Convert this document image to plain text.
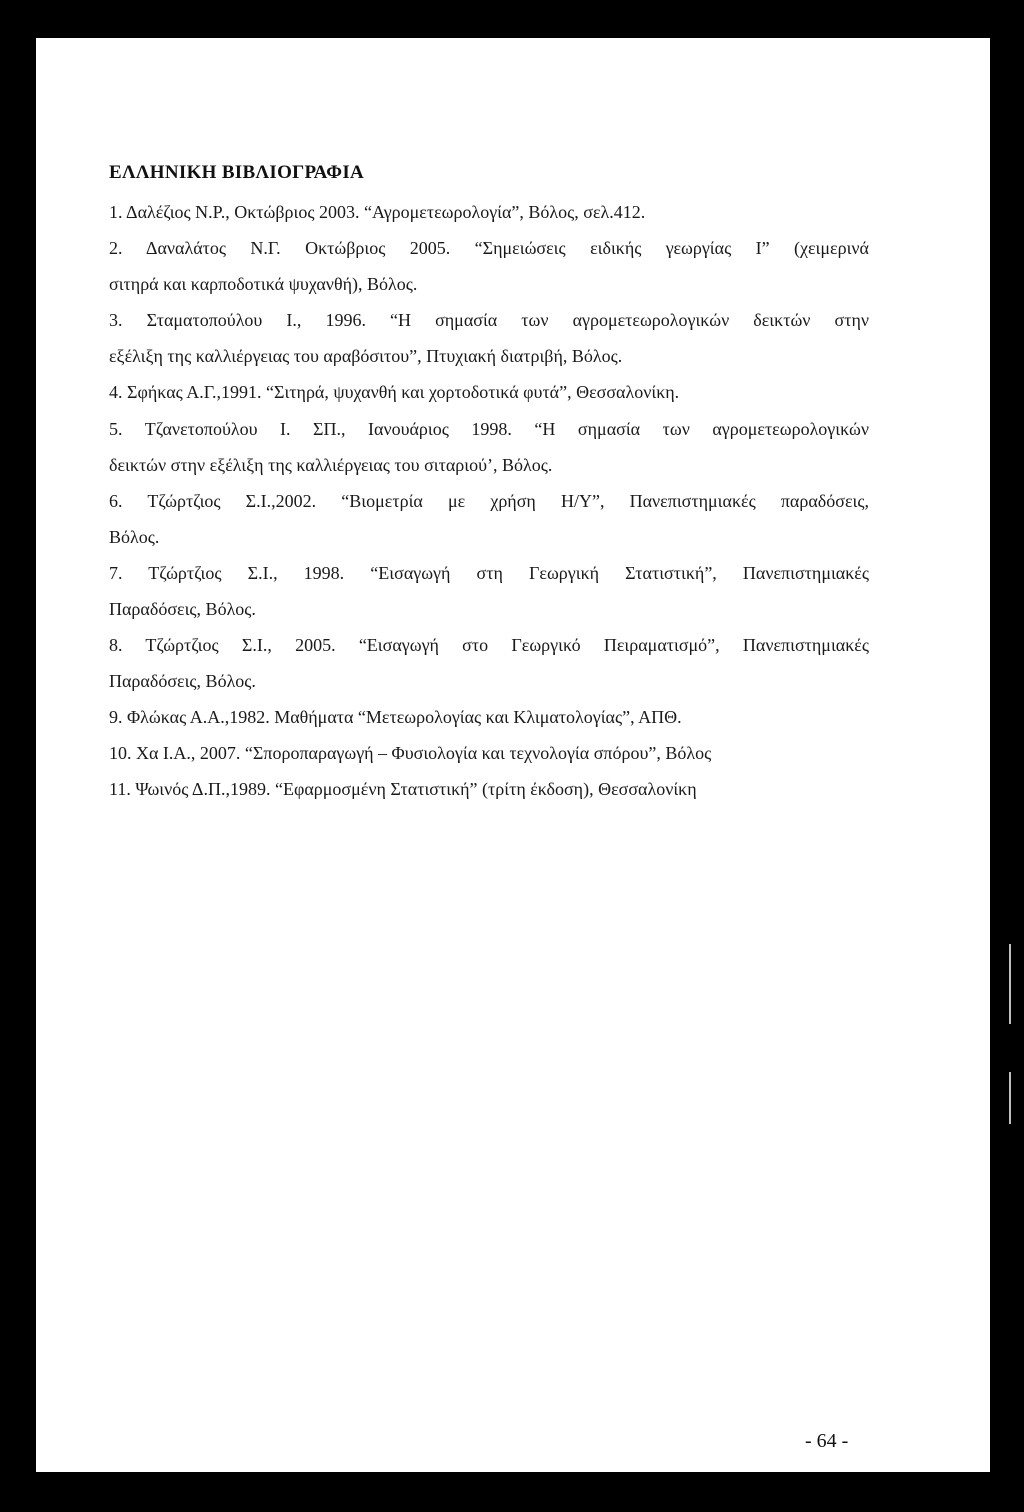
ΕΛΛΗΝΙΚΗ ΒΙΒΛΙΟΓΡΑΦΙΑ
1. Δαλέζιος Ν.Ρ., Οκτώβριος 2003. “Αγρομετεωρολογία”, Βόλος, σελ.412.
2. Δαναλάτος Ν.Γ. Οκτώβριος 2005. “Σημειώσεις ειδικής γεωργίας Ι” (χειμερινά
σιτηρά και καρποδοτικά ψυχανθή), Βόλος.
3. Σταματοπούλου Ι., 1996. “Η σημασία των αγρομετεωρολογικών δεικτών στην
εξέλιξη της καλλιέργειας του αραβόσιτου”, Πτυχιακή διατριβή, Βόλος.
4. Σφήκας Α.Γ.,1991. “Σιτηρά, ψυχανθή και χορτοδοτικά φυτά”, Θεσσαλονίκη.
5. Τζανετοπούλου Ι. ΣΠ., Ιανουάριος 1998. “Η σημασία των αγρομετεωρολογικών
δεικτών στην εξέλιξη της καλλιέργειας του σιταριού’, Βόλος.
6. Τζώρτζιος Σ.Ι.,2002. “Βιομετρία με χρήση Η/Υ”, Πανεπιστημιακές παραδόσεις,
Βόλος.
7. Τζώρτζιος Σ.Ι., 1998. “Εισαγωγή στη Γεωργική Στατιστική”, Πανεπιστημιακές
Παραδόσεις, Βόλος.
8. Τζώρτζιος Σ.Ι., 2005. “Εισαγωγή στο Γεωργικό Πειραματισμό”, Πανεπιστημιακές
Παραδόσεις, Βόλος.
9. Φλώκας Α.Α.,1982. Μαθήματα “Μετεωρολογίας και Κλιματολογίας”, ΑΠΘ.
10. Χα Ι.Α., 2007. “Σποροπαραγωγή – Φυσιολογία και τεχνολογία σπόρου”, Βόλος
11. Ψωινός Δ.Π.,1989. “Εφαρμοσμένη Στατιστική” (τρίτη έκδοση), Θεσσαλονίκη
- 64 -
